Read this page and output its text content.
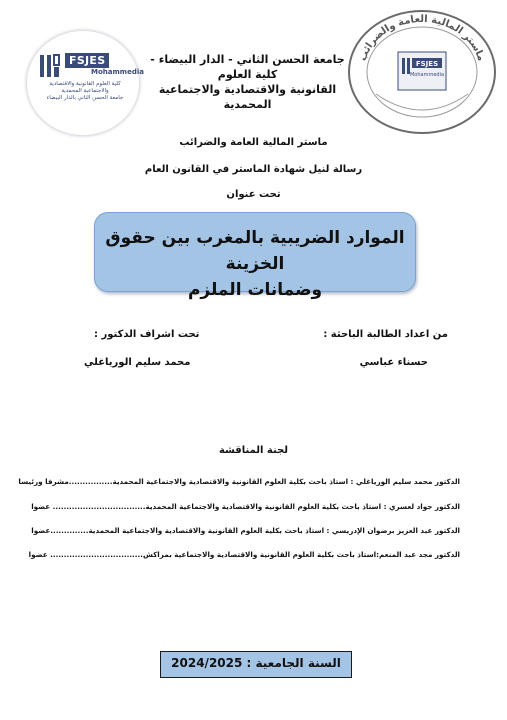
FSJES
Mohammedia
كلية العلوم القانونية والاقتصادية
والاجتماعية المحمدية
جامعة الحسن الثاني بالدار البيضاء
ماستر المالية العامة والضرائب
FSJES
Mohammedia
جامعة الحسن الثاني - الدار البيضاء - كلية العلوم
القانونية والاقتصادية والاجتماعية المحمدية
ماستر المالية العامة والضرائب
رسالة لنيل شهادة الماستر في القانون العام
تحت عنوان
الموارد الضريبية بالمغرب بين حقوق الخزينة
وضمانات الملزم
من اعداد الطالبة الباحثة :
تحت اشراف الدكتور :
حسناء عباسي
محمد سليم الورياغلي
لجنة المناقشة
الدكتور محمد سليم الورياغلي : استاذ باحث بكلية العلوم القانونية والاقتصادية والاجتماعية المحمدية................مشرفا ورئيسا
الدكتور جواد لعسري : استاذ باحث بكلية العلوم القانونية والاقتصادية والاجتماعية المحمدية.................................. عضوا
الدكتور عبد العزيز برضوان الإدريسي : استاذ باحث بكلية العلوم القانونية والاقتصادية والاجتماعية المحمدية..............عضوا
الدكتور مجد عبد المنعم:استاذ باحث بكلية العلوم القانونية والاقتصادية والاجتماعية بمراكش.................................. عضوا
السنة الجامعية : 2024/2025
